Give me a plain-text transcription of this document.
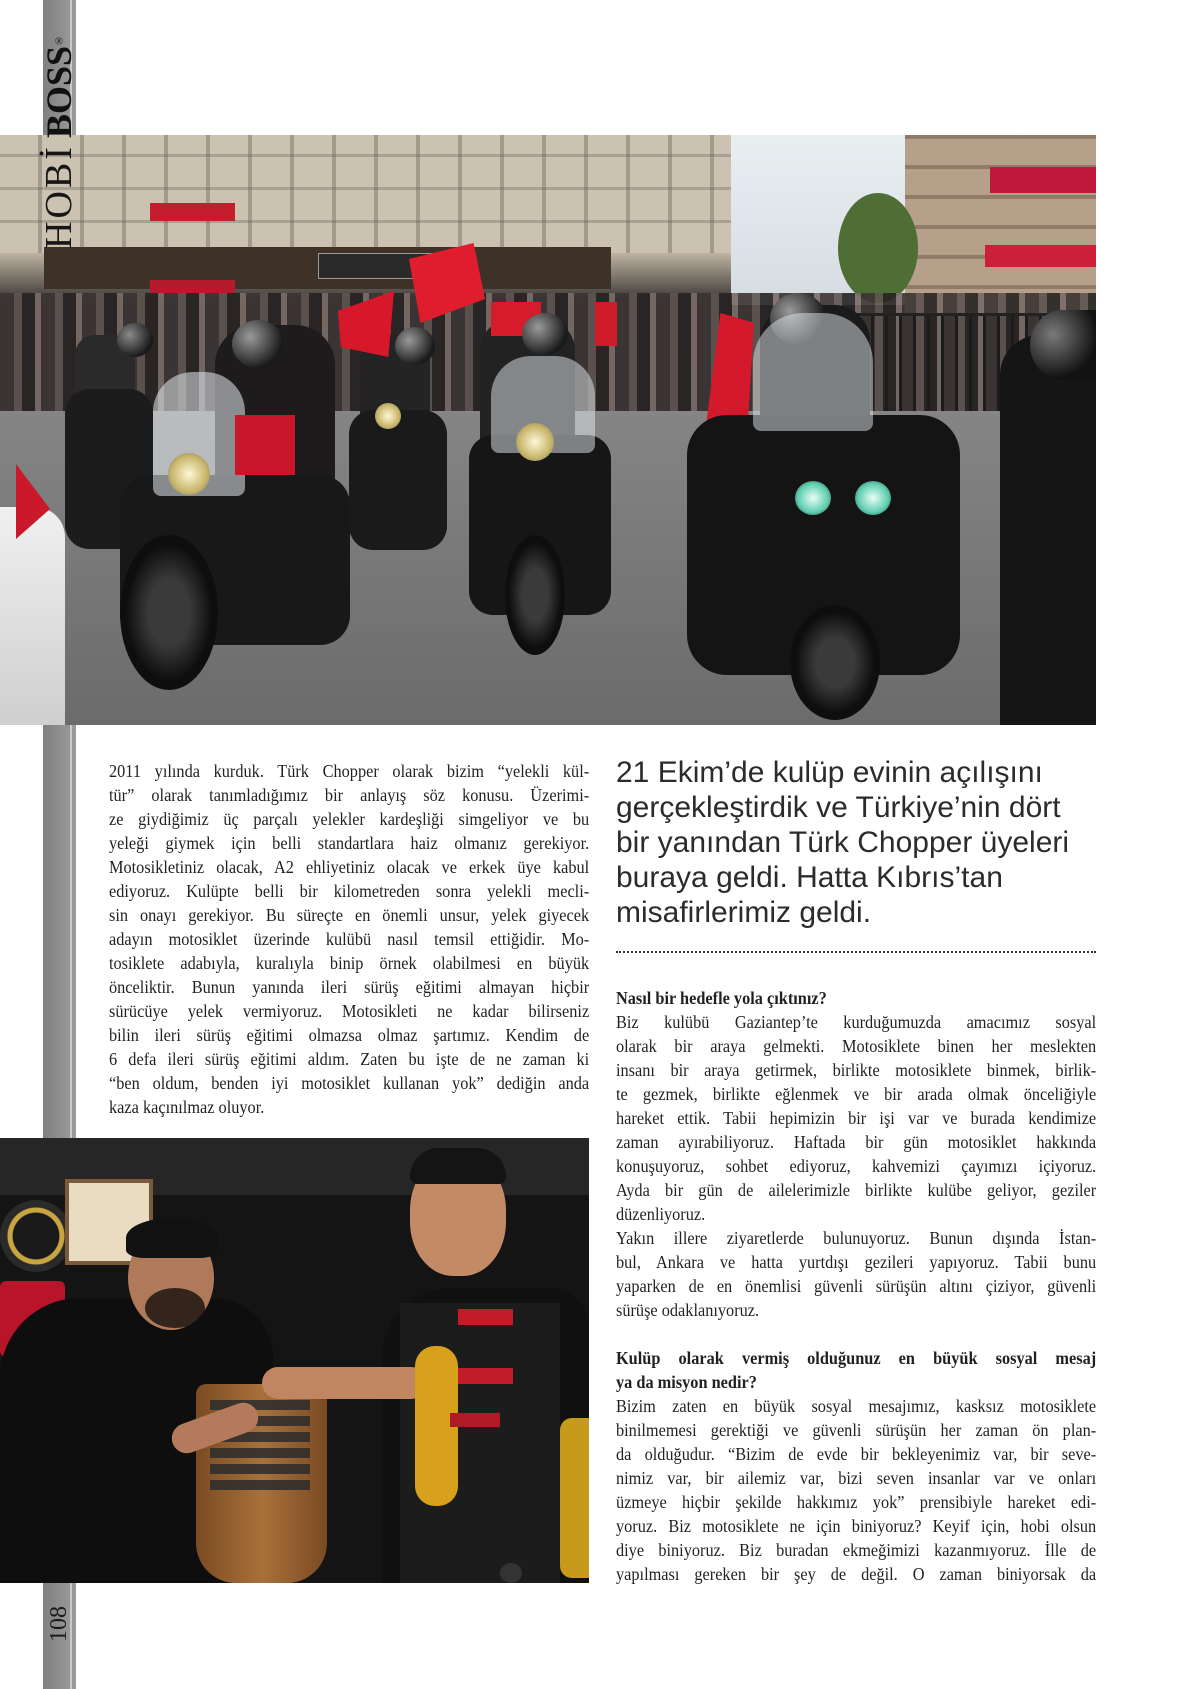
BOSS®
HOBİ
108
2011 yılında kurduk. Türk Chopper olarak bizim “yelekli kül-
tür” olarak tanımladığımız bir anlayış söz konusu. Üzerimi-
ze giydiğimiz üç parçalı yelekler kardeşliği simgeliyor ve bu
yeleği giymek için belli standartlara haiz olmanız gerekiyor.
Motosikletiniz olacak, A2 ehliyetiniz olacak ve erkek üye kabul
ediyoruz. Kulüpte belli bir kilometreden sonra yelekli mecli-
sin onayı gerekiyor. Bu süreçte en önemli unsur, yelek giyecek
adayın motosiklet üzerinde kulübü nasıl temsil ettiğidir. Mo-
tosiklete adabıyla, kuralıyla binip örnek olabilmesi en büyük
önceliktir. Bunun yanında ileri sürüş eğitimi almayan hiçbir
sürücüye yelek vermiyoruz. Motosikleti ne kadar bilirseniz
bilin ileri sürüş eğitimi olmazsa olmaz şartımız. Kendim de
6 defa ileri sürüş eğitimi aldım. Zaten bu işte de ne zaman ki
“ben oldum, benden iyi motosiklet kullanan yok” dediğin anda
kaza kaçınılmaz oluyor.
21 Ekim’de kulüp evinin açılışını
gerçekleştirdik ve Türkiye’nin dört
bir yanından Türk Chopper üyeleri
buraya geldi. Hatta Kıbrıs’tan
misafirlerimiz geldi.
Nasıl bir hedefle yola çıktınız?
Biz kulübü Gaziantep’te kurduğumuzda amacımız sosyal
olarak bir araya gelmekti. Motosiklete binen her meslekten
insanı bir araya getirmek, birlikte motosiklete binmek, birlik-
te gezmek, birlikte eğlenmek ve bir arada olmak önceliğiyle
hareket ettik. Tabii hepimizin bir işi var ve burada kendimize
zaman ayırabiliyoruz. Haftada bir gün motosiklet hakkında
konuşuyoruz, sohbet ediyoruz, kahvemizi çayımızı içiyoruz.
Ayda bir gün de ailelerimizle birlikte kulübe geliyor, geziler
düzenliyoruz.
Yakın illere ziyaretlerde bulunuyoruz. Bunun dışında İstan-
bul, Ankara ve hatta yurtdışı gezileri yapıyoruz. Tabii bunu
yaparken de en önemlisi güvenli sürüşün altını çiziyor, güvenli
sürüşe odaklanıyoruz.
Kulüp olarak vermiş olduğunuz en büyük sosyal mesaj
ya da misyon nedir?
Bizim zaten en büyük sosyal mesajımız, kasksız motosiklete
binilmemesi gerektiği ve güvenli sürüşün her zaman ön plan-
da olduğudur. “Bizim de evde bir bekleyenimiz var, bir seve-
nimiz var, bir ailemiz var, bizi seven insanlar var ve onları
üzmeye hiçbir şekilde hakkımız yok” prensibiyle hareket edi-
yoruz. Biz motosiklete ne için biniyoruz? Keyif için, hobi olsun
diye biniyoruz. Biz buradan ekmeğimizi kazanmıyoruz. İlle de
yapılması gereken bir şey de değil. O zaman biniyorsak da
